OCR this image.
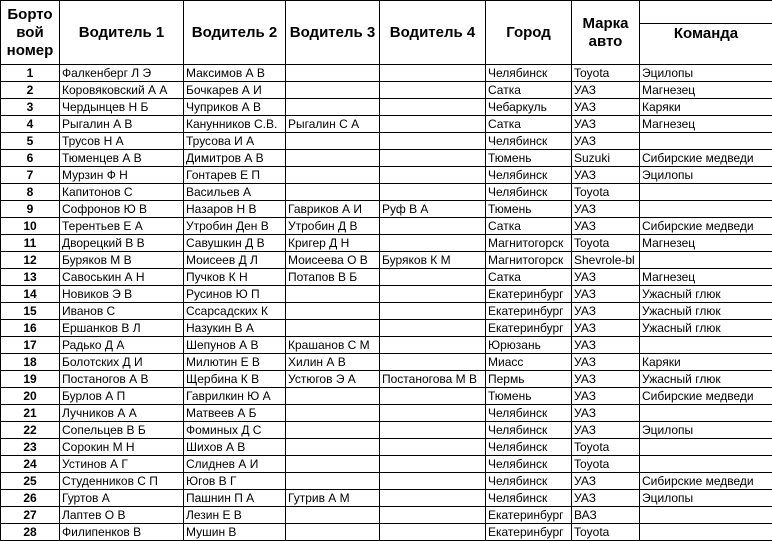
Борто вой номер	Водитель 1	Водитель 2	Водитель 3	Водитель 4	Город	Марка авто	Команда

1	Фалкенберг Л Э	Максимов А В			Челябинск	Toyota	Эцилопы
2	Коровяковский А А	Бочкарев А И			Сатка	УАЗ	Магнезец
3	Чердынцев Н Б	Чуприков А В			Чебаркуль	УАЗ	Каряки
4	Рыгалин А В	Канунников С.В.	Рыгалин С А		Сатка	УАЗ	Магнезец
5	Трусов Н А	Трусова И А			Челябинск	УАЗ	
6	Тюменцев А В	Димитров А В			Тюмень	Suzuki	Сибирские медведи
7	Мурзин Ф Н	Гонтарев Е П			Челябинск	УАЗ	Эцилопы
8	Капитонов С	Васильев А			Челябинск	Toyota	
9	Софронов Ю В	Назаров Н В	Гавриков А И	Руф В А	Тюмень	УАЗ	
10	Терентьев Е А	Утробин Ден В	Утробин Д В		Сатка	УАЗ	Сибирские медведи
11	Дворецкий В В	Савушкин Д В	Кригер Д Н		Магнитогорск	Toyota	Магнезец
12	Буряков М В	Моисеев Д Л	Моисеева О В	Буряков К М	Магнитогорск	Shevrole-bl	
13	Савоськин А Н	Пучков К Н	Потапов В Б		Сатка	УАЗ	Магнезец
14	Новиков Э В	Русинов Ю П			Екатеринбург	УАЗ	Ужасный глюк
15	Иванов С	Ссарсадских К			Екатеринбург	УАЗ	Ужасный глюк
16	Ершанков В Л	Назукин В А			Екатеринбург	УАЗ	Ужасный глюк
17	Радько Д А	Шепунов А В	Крашанов С М		Юрюзань	УАЗ	
18	Болотских Д И	Милютин Е В	Хилин А В		Миасс	УАЗ	Каряки
19	Постаногов А В	Щербина К В	Устюгов Э А	Постаногова М В	Пермь	УАЗ	Ужасный глюк
20	Бурлов А П	Гаврилкин Ю А			Тюмень	УАЗ	Сибирские медведи
21	Лучников А А	Матвеев А Б			Челябинск	УАЗ	
22	Сопельцев В Б	Фоминых Д С			Челябинск	УАЗ	Эцилопы
23	Сорокин М Н	Шихов А В			Челябинск	Toyota	
24	Устинов А Г	Слиднев А И			Челябинск	Toyota	
25	Студенников С П	Югов В Г			Челябинск	УАЗ	Сибирские медведи
26	Гуртов А	Пашнин П А	Гутрив А М		Челябинск	УАЗ	Эцилопы
27	Лаптев О В	Лезин Е В			Екатеринбург	ВАЗ	
28	Филипенков В	Мушин В			Екатеринбург	Toyota	
